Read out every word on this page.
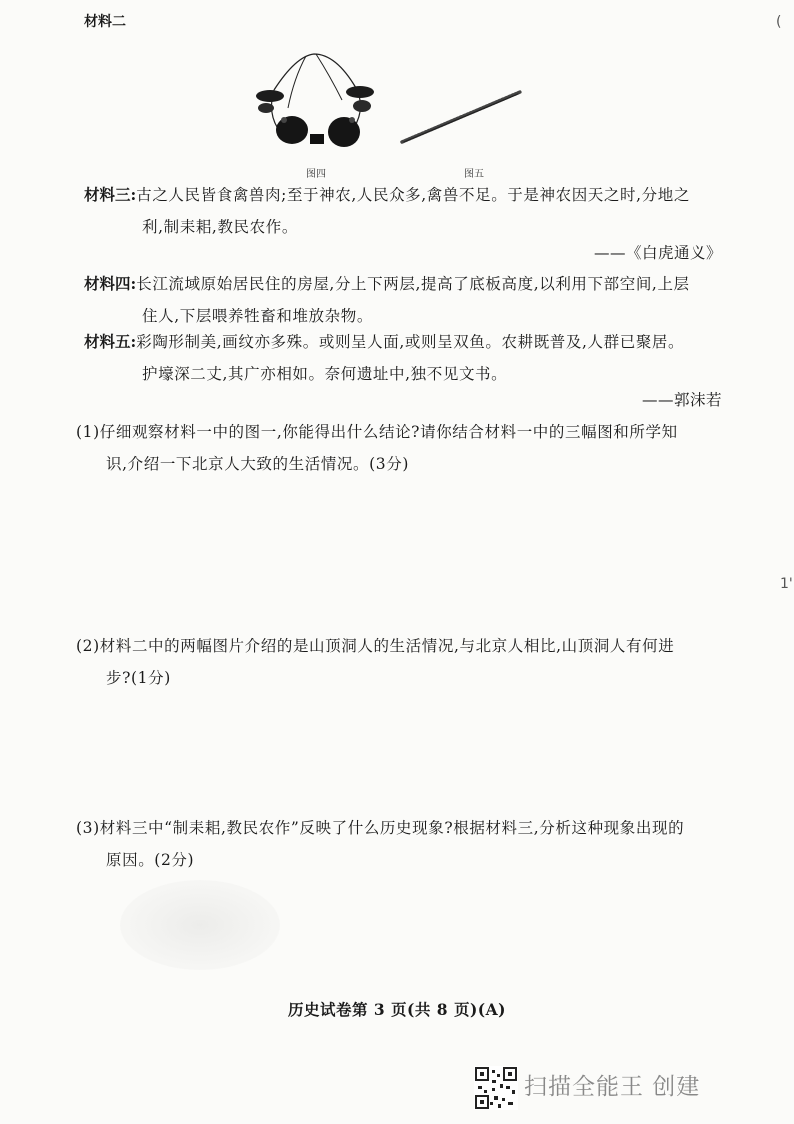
材料二	(
1'
图四	图五
材料三:古之人民皆食禽兽肉;至于神农,人民众多,禽兽不足。于是神农因天之时,分地之
利,制耒耜,教民农作。
——《白虎通义》
材料四:长江流域原始居民住的房屋,分上下两层,提高了底板高度,以利用下部空间,上层
住人,下层喂养牲畜和堆放杂物。
材料五:彩陶形制美,画纹亦多殊。或则呈人面,或则呈双鱼。农耕既普及,人群已聚居。
护壕深二丈,其广亦相如。奈何遗址中,独不见文书。
——郭沫若
(1)仔细观察材料一中的图一,你能得出什么结论?请你结合材料一中的三幅图和所学知
识,介绍一下北京人大致的生活情况。(3分)
(2)材料二中的两幅图片介绍的是山顶洞人的生活情况,与北京人相比,山顶洞人有何进
步?(1分)
(3)材料三中“制耒耜,教民农作”反映了什么历史现象?根据材料三,分析这种现象出现的
原因。(2分)
历史试卷第 3 页(共 8 页)(A)
扫描全能王 创建
